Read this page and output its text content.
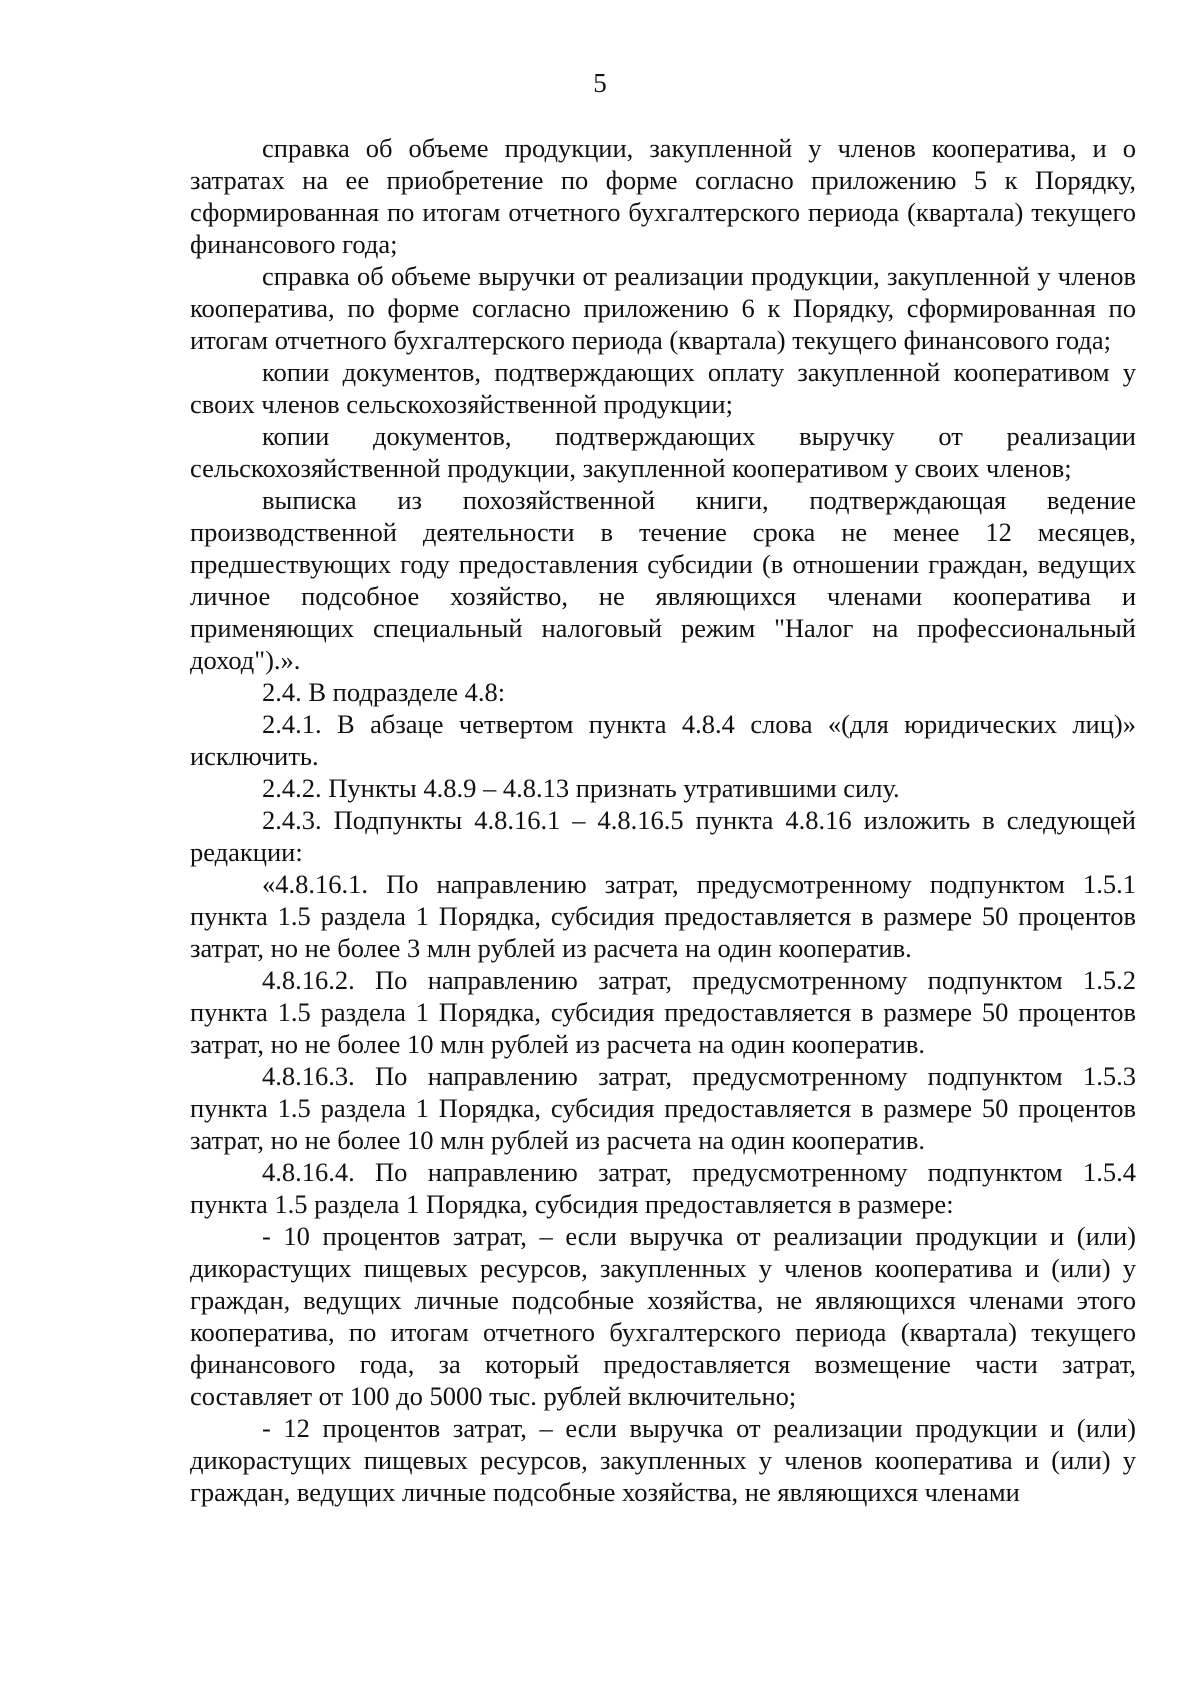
5

справка об объеме продукции, закупленной у членов кооператива, и о затратах на ее приобретение по форме согласно приложению 5 к Порядку, сформированная по итогам отчетного бухгалтерского периода (квартала) текущего финансового года;

справка об объеме выручки от реализации продукции, закупленной у членов кооператива, по форме согласно приложению 6 к Порядку, сформированная по итогам отчетного бухгалтерского периода (квартала) текущего финансового года;

копии документов, подтверждающих оплату закупленной кооперативом у своих членов сельскохозяйственной продукции;

копии документов, подтверждающих выручку от реализации сельскохозяйственной продукции, закупленной кооперативом у своих членов;

выписка из похозяйственной книги, подтверждающая ведение производственной деятельности в течение срока не менее 12 месяцев, предшествующих году предоставления субсидии (в отношении граждан, ведущих личное подсобное хозяйство, не являющихся членами кооператива и применяющих специальный налоговый режим "Налог на профессиональный доход").».

2.4. В подразделе 4.8:

2.4.1. В абзаце четвертом пункта 4.8.4 слова «(для юридических лиц)» исключить.

2.4.2. Пункты 4.8.9 – 4.8.13 признать утратившими силу.

2.4.3. Подпункты 4.8.16.1 – 4.8.16.5 пункта 4.8.16 изложить в следующей редакции:

«4.8.16.1. По направлению затрат, предусмотренному подпунктом 1.5.1 пункта 1.5 раздела 1 Порядка, субсидия предоставляется в размере 50 процентов затрат, но не более 3 млн рублей из расчета на один кооператив.

4.8.16.2. По направлению затрат, предусмотренному подпунктом 1.5.2 пункта 1.5 раздела 1 Порядка, субсидия предоставляется в размере 50 процентов затрат, но не более 10 млн рублей из расчета на один кооператив.

4.8.16.3. По направлению затрат, предусмотренному подпунктом 1.5.3 пункта 1.5 раздела 1 Порядка, субсидия предоставляется в размере 50 процентов затрат, но не более 10 млн рублей из расчета на один кооператив.

4.8.16.4. По направлению затрат, предусмотренному подпунктом 1.5.4 пункта 1.5 раздела 1 Порядка, субсидия предоставляется в размере:

- 10 процентов затрат, – если выручка от реализации продукции и (или) дикорастущих пищевых ресурсов, закупленных у членов кооператива и (или) у граждан, ведущих личные подсобные хозяйства, не являющихся членами этого кооператива, по итогам отчетного бухгалтерского периода (квартала) текущего финансового года, за который предоставляется возмещение части затрат, составляет от 100 до 5000 тыс. рублей включительно;

- 12 процентов затрат, – если выручка от реализации продукции и (или) дикорастущих пищевых ресурсов, закупленных у членов кооператива и (или) у граждан, ведущих личные подсобные хозяйства, не являющихся членами
